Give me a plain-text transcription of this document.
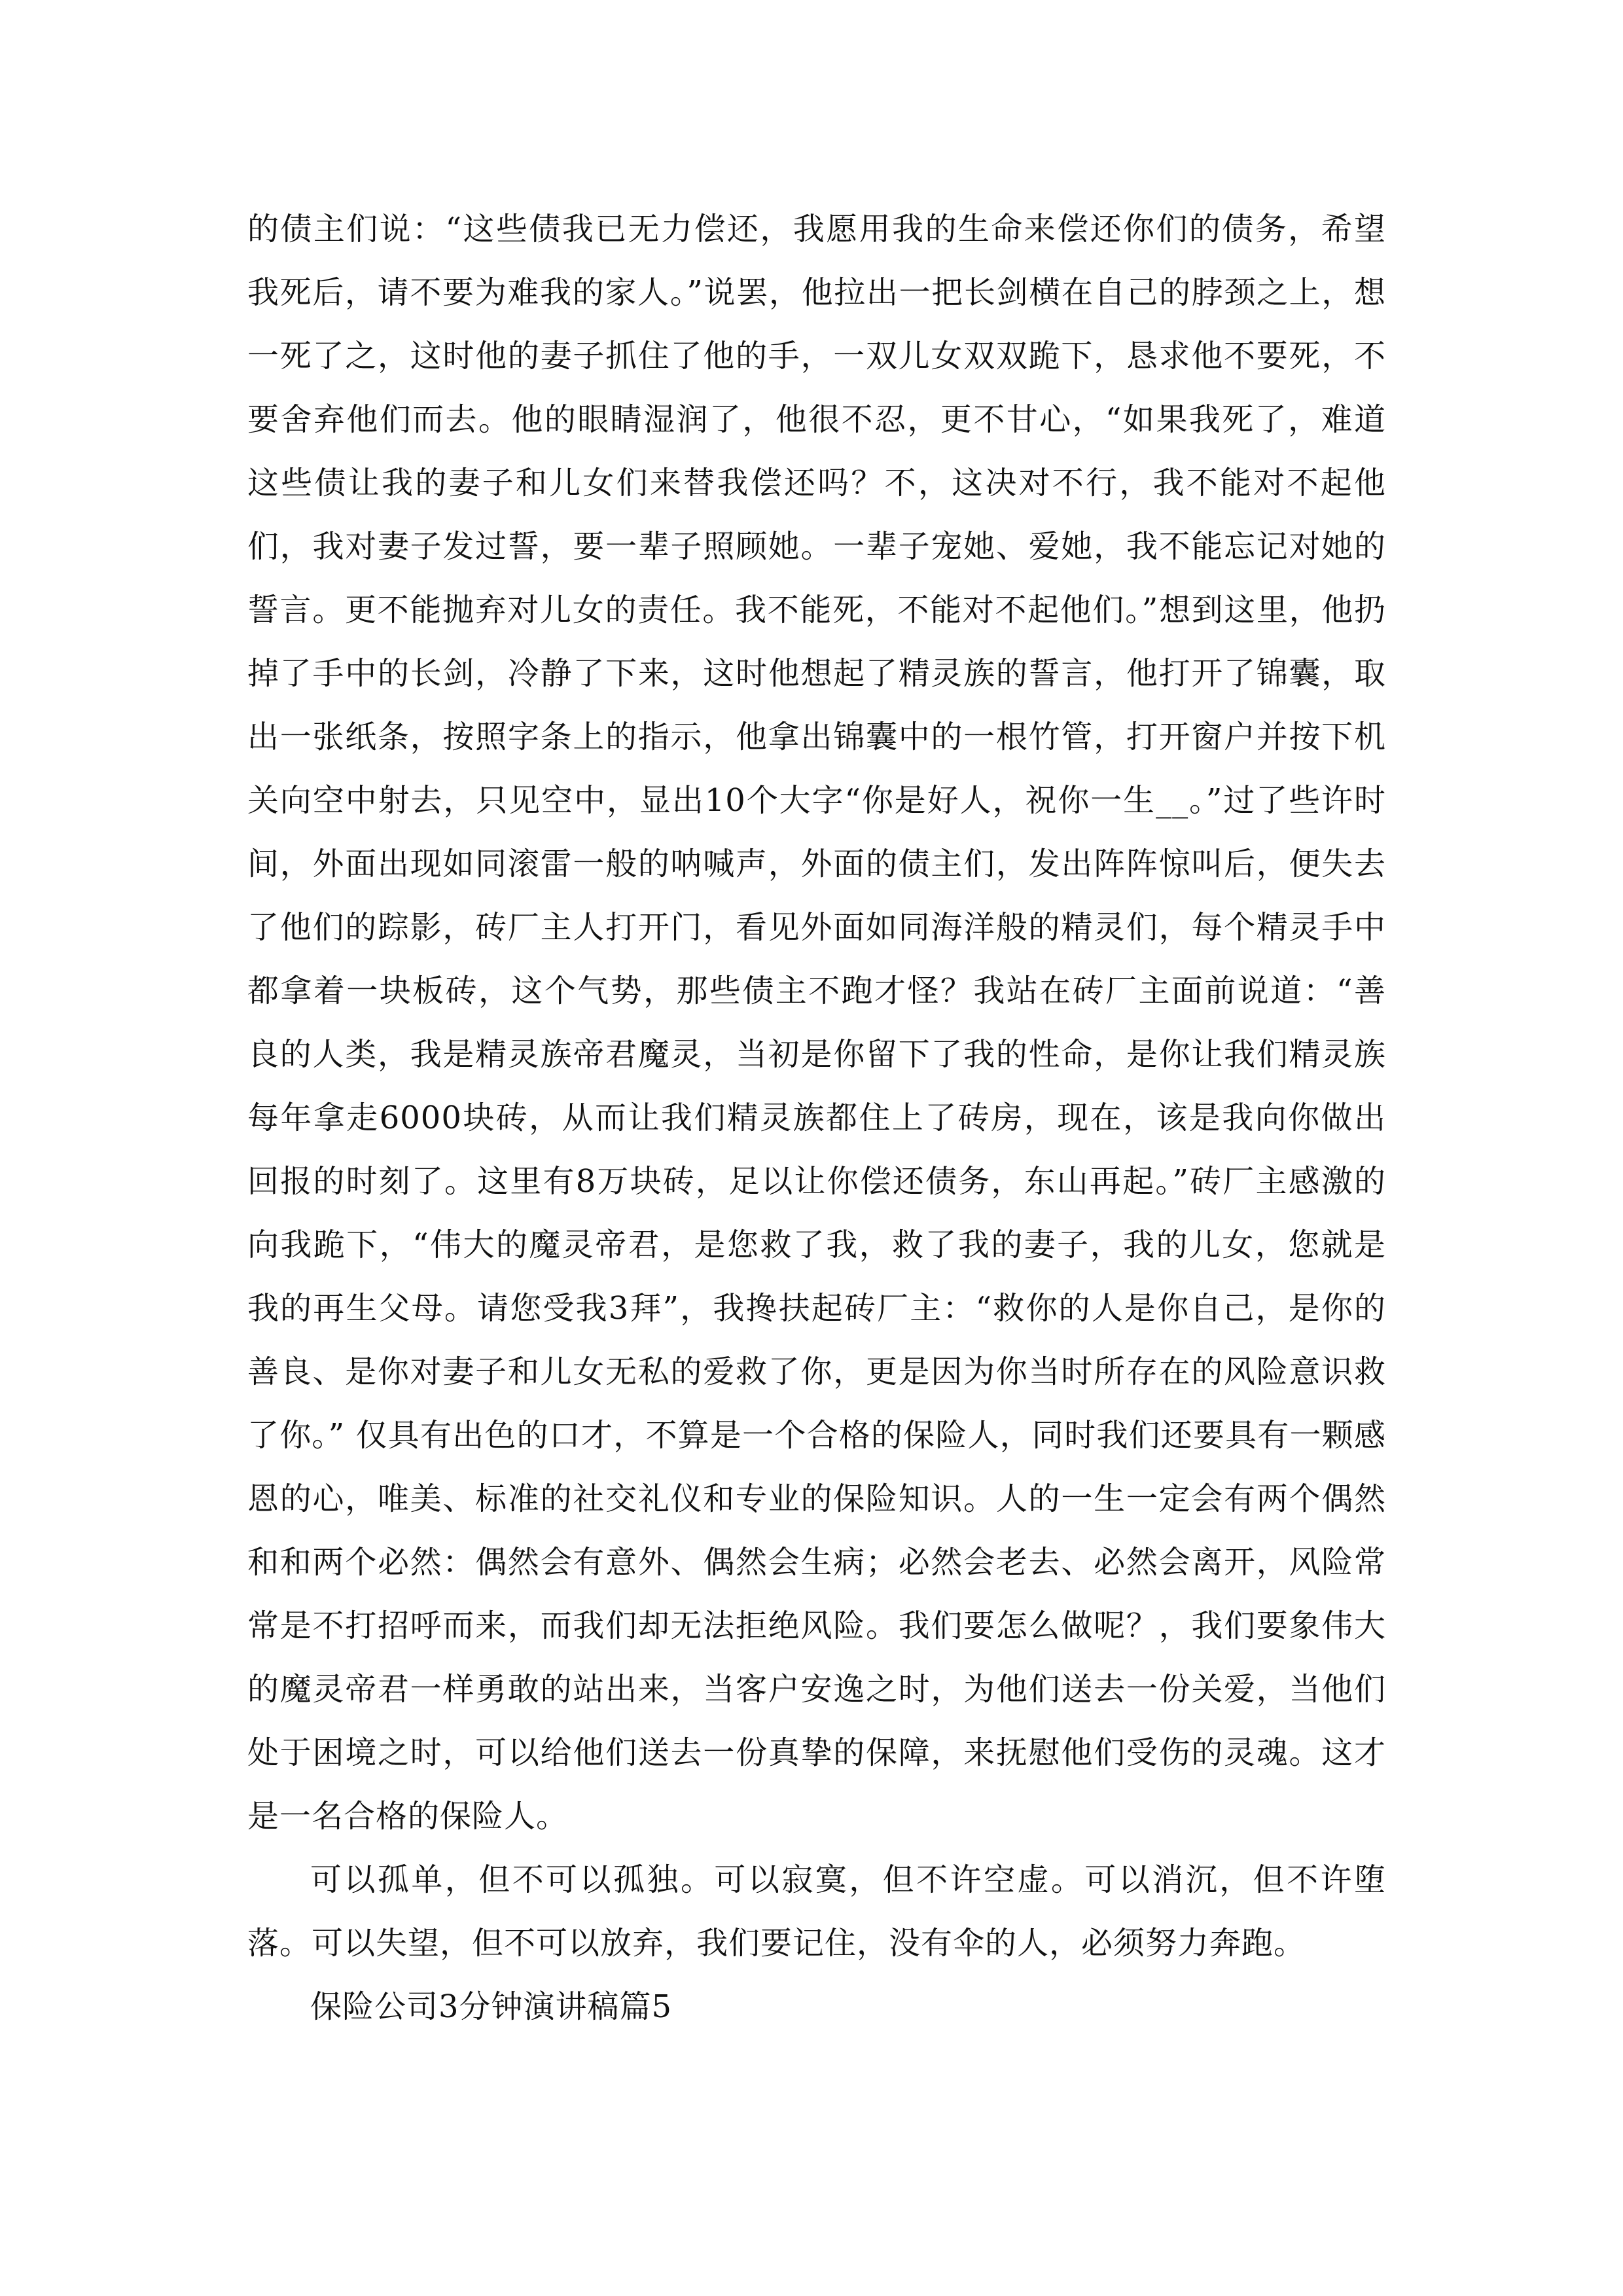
的债主们说：“这些债我已无力偿还，我愿用我的生命来偿还你们的债务，希望我死后，请不要为难我的家人。”说罢，他拉出一把长剑横在自己的脖颈之上，想一死了之，这时他的妻子抓住了他的手，一双儿女双双跪下，恳求他不要死，不要舍弃他们而去。他的眼睛湿润了，他很不忍，更不甘心，“如果我死了，难道这些债让我的妻子和儿女们来替我偿还吗？不，这决对不行，我不能对不起他们，我对妻子发过誓，要一辈子照顾她。一辈子宠她、爱她，我不能忘记对她的誓言。更不能抛弃对儿女的责任。我不能死，不能对不起他们。”想到这里，他扔掉了手中的长剑，冷静了下来，这时他想起了精灵族的誓言，他打开了锦囊，取出一张纸条，按照字条上的指示，他拿出锦囊中的一根竹管，打开窗户并按下机关向空中射去，只见空中，显出10个大字“你是好人，祝你一生__。”过了些许时间，外面出现如同滚雷一般的呐喊声，外面的债主们，发出阵阵惊叫后，便失去了他们的踪影，砖厂主人打开门，看见外面如同海洋般的精灵们，每个精灵手中都拿着一块板砖，这个气势，那些债主不跑才怪？我站在砖厂主面前说道：“善良的人类，我是精灵族帝君魔灵，当初是你留下了我的性命，是你让我们精灵族每年拿走6000块砖，从而让我们精灵族都住上了砖房，现在，该是我向你做出回报的时刻了。这里有8万块砖，足以让你偿还债务，东山再起。”砖厂主感激的向我跪下，“伟大的魔灵帝君，是您救了我，救了我的妻子，我的儿女，您就是我的再生父母。请您受我3拜”，我搀扶起砖厂主：“救你的人是你自己，是你的善良、是你对妻子和儿女无私的爱救了你，更是因为你当时所存在的风险意识救了你。” 仅具有出色的口才，不算是一个合格的保险人，同时我们还要具有一颗感恩的心，唯美、标准的社交礼仪和专业的保险知识。人的一生一定会有两个偶然和和两个必然：偶然会有意外、偶然会生病；必然会老去、必然会离开，风险常常是不打招呼而来，而我们却无法拒绝风险。我们要怎么做呢？，我们要象伟大的魔灵帝君一样勇敢的站出来，当客户安逸之时，为他们送去一份关爱，当他们处于困境之时，可以给他们送去一份真挚的保障，来抚慰他们受伤的灵魂。这才是一名合格的保险人。

可以孤单，但不可以孤独。可以寂寞，但不许空虚。可以消沉，但不许堕落。可以失望，但不可以放弃，我们要记住，没有伞的人，必须努力奔跑。

保险公司3分钟演讲稿篇5
